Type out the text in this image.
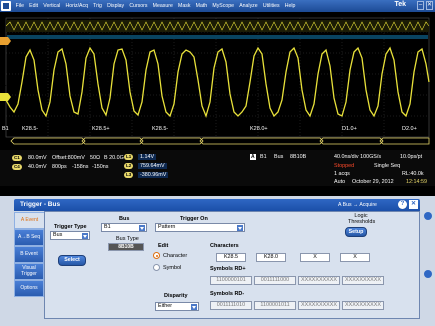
File Edit Vertical Horiz/Acq Trig Display Cursors Measure Mask Math MyScope Analyze Utilities Help	Tek	– ✕
1
T
B1 K28.5-	K28.5+	K28.5-	K28.0+	D1.0+	D2.0+
C1	80.0mV Offset:800mV 50Ω B 20.0G
C4	40.0mV 800ps -158ns -150ns
L1	1.14V
L2	759.64mV
L3	-380.96mV
A B1 Bus 8B10B	40.0ns/div 100GS/s	10.0ps/pt
Stopped	Single Seq
1 acqs	RL:40.0k
Auto October 29, 2012 12:14:59
Trigger - Bus	A Bus → Acquire	?	✕
A Event
A→B Seq
B Event
Visual Trigger
Options
Trigger Type
Bus
Select
Bus
B1
Bus Type
8B10B
Trigger On
Pattern
Edit
Character
Symbol
Logic Thresholds
Setup
Characters
K28.5	K28.0	X	X
Symbols RD+
1100000101	0011111000	XXXXXXXXXX	XXXXXXXXXX
Disparity
Either
Symbols RD-
0011111010	1100001011	XXXXXXXXXX	XXXXXXXXXX
